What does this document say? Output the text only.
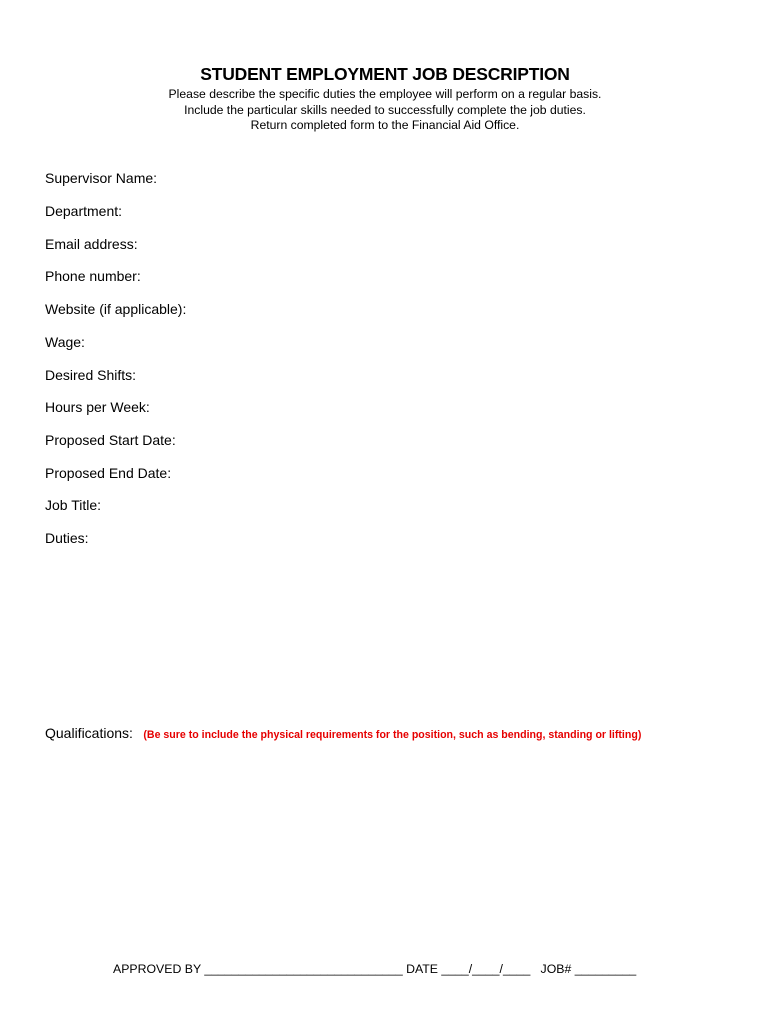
STUDENT EMPLOYMENT JOB DESCRIPTION
Please describe the specific duties the employee will perform on a regular basis.
Include the particular skills needed to successfully complete the job duties.
Return completed form to the Financial Aid Office.
Supervisor Name:
Department:
Email address:
Phone number:
Website (if applicable):
Wage:
Desired Shifts:
Hours per Week:
Proposed Start Date:
Proposed End Date:
Job Title:
Duties:
Qualifications: (Be sure to include the physical requirements for the position, such as bending, standing or lifting)
APPROVED BY _____________________________ DATE ____/____/____   JOB# _________
